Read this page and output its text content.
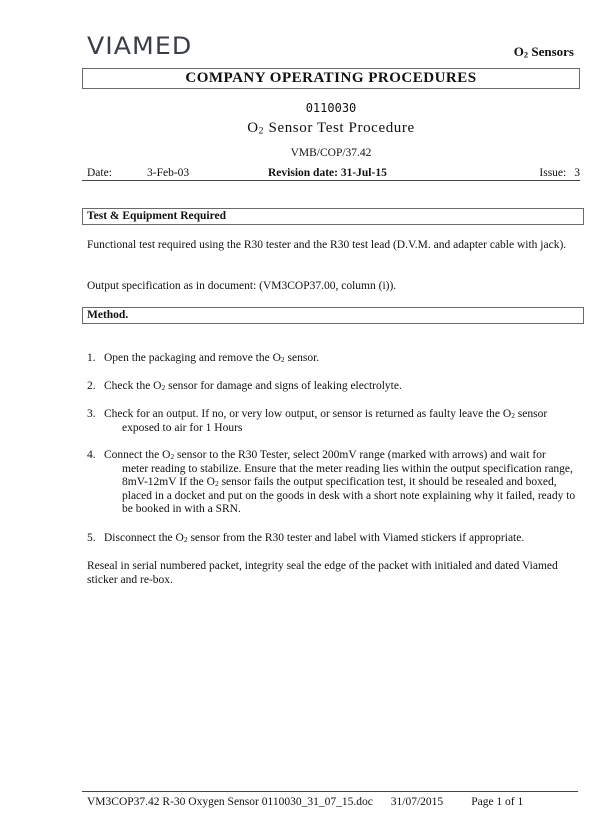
VIAMED	$O_2$ Sensors
COMPANY OPERATING PROCEDURES
0110030
$O_2$ Sensor Test Procedure
VMB/COP/37.42
Date:	3-Feb-03	Revision date: 31-Jul-15	Issue: 3
Test & Equipment Required
Functional test required using the R30 tester and the R30 test lead (D.V.M. and adapter cable with jack).
Output specification as in document: (VM3COP37.00, column (i)).
Method.
1. Open the packaging and remove the $O_2$ sensor.
2. Check the $O_2$ sensor for damage and signs of leaking electrolyte.
3. Check for an output. If no, or very low output, or sensor is returned as faulty leave the $O_2$ sensor
exposed to air for 1 Hours
4. Connect the $O_2$ sensor to the R30 Tester, select 200mV range (marked with arrows) and wait for
meter reading to stabilize. Ensure that the meter reading lies within the output specification range, 8mV-12mV If the $O_2$ sensor fails the output specification test, it should be resealed and boxed, placed in a docket and put on the goods in desk with a short note explaining why it failed, ready to be booked in with a SRN.
5. Disconnect the $O_2$ sensor from the R30 tester and label with Viamed stickers if appropriate.
Reseal in serial numbered packet, integrity seal the edge of the packet with initialed and dated Viamed sticker and re-box.
VM3COP37.42 R-30 Oxygen Sensor 0110030_31_07_15.doc 31/07/2015 Page 1 of 1
